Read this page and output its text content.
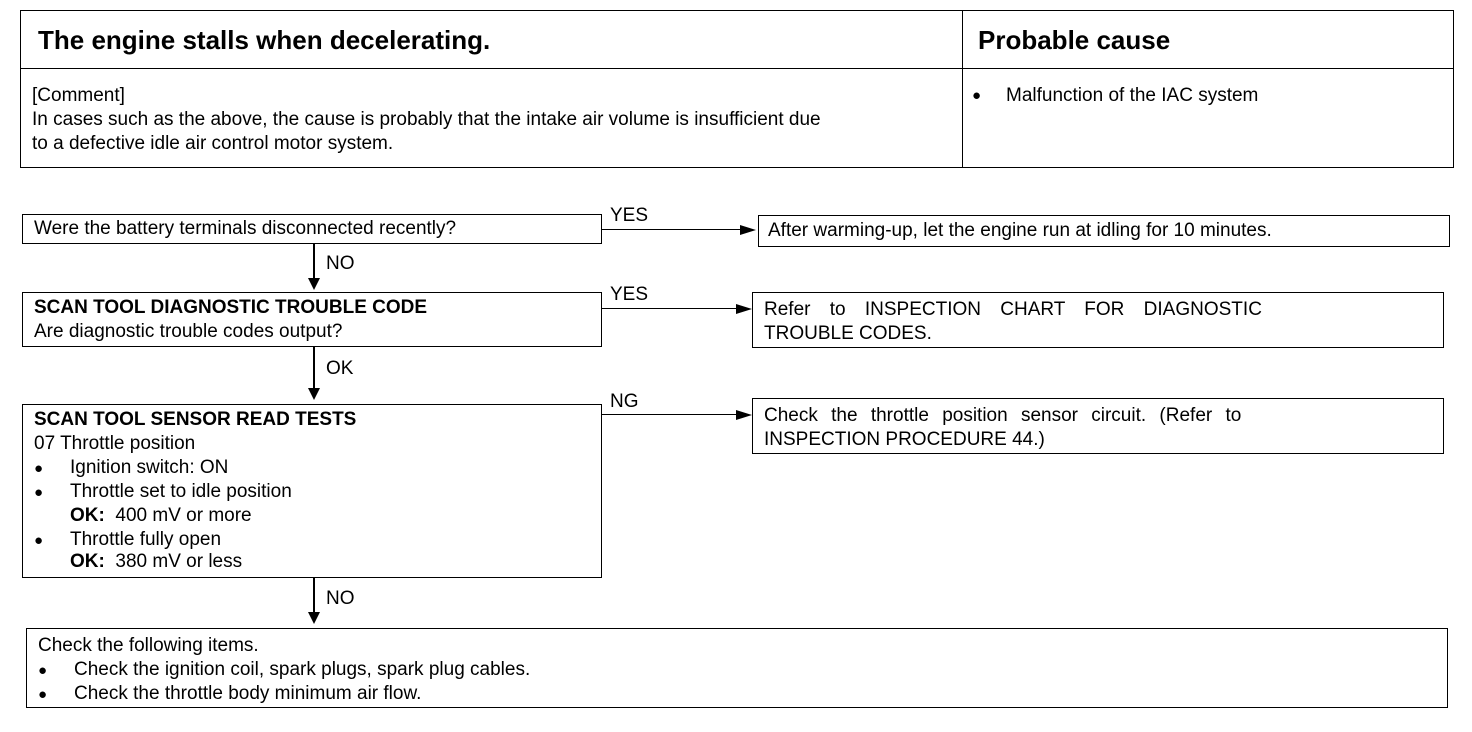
The engine stalls when decelerating.	Probable cause
[Comment]
In cases such as the above, the cause is probably that the intake air volume is insufficient due
to a defective idle air control motor system.
● Malfunction of the IAC system
Were the battery terminals disconnected recently?
YES
After warming-up, let the engine run at idling for 10 minutes.
NO
SCAN TOOL DIAGNOSTIC TROUBLE CODE
Are diagnostic trouble codes output?
YES
Refer to INSPECTION CHART FOR DIAGNOSTIC
TROUBLE CODES.
OK
SCAN TOOL SENSOR READ TESTS
07 Throttle position
● Ignition switch: ON
● Throttle set to idle position
OK: 400 mV or more
● Throttle fully open
OK: 380 mV or less
NG
Check the throttle position sensor circuit. (Refer to
INSPECTION PROCEDURE 44.)
NO
Check the following items.
● Check the ignition coil, spark plugs, spark plug cables.
● Check the throttle body minimum air flow.
